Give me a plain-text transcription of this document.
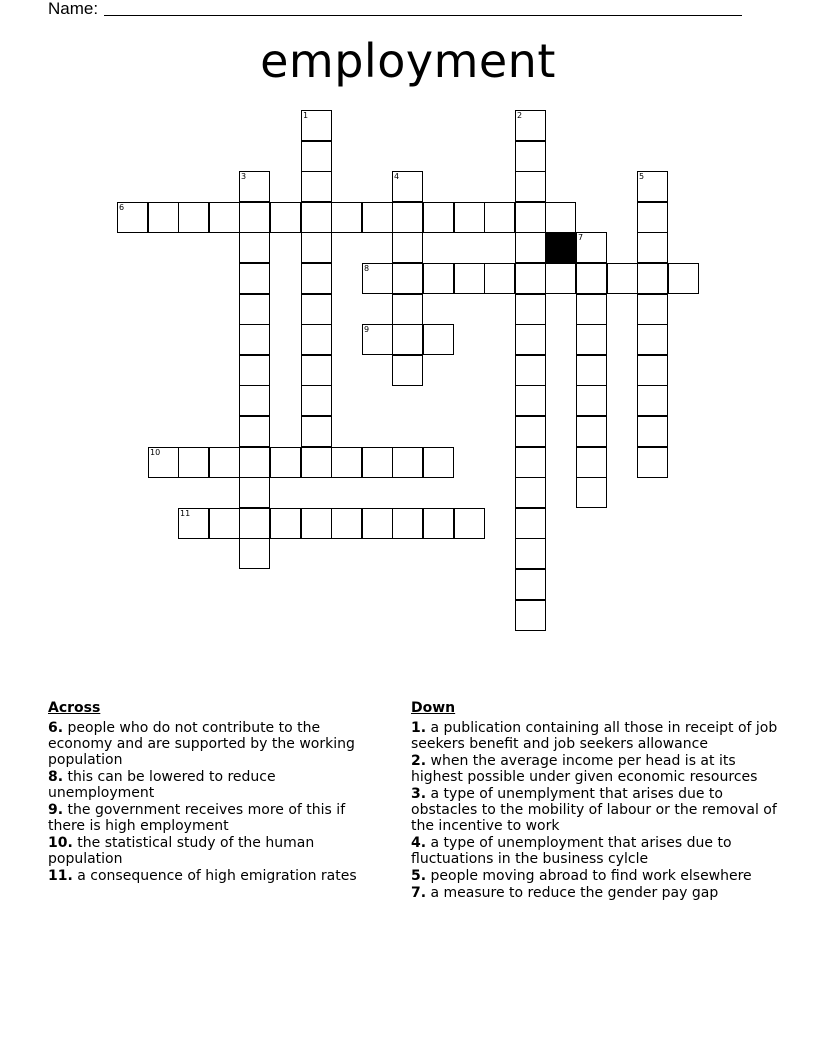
Name:
employment
1	2
3	4	5
6
7
8
9
10
11
Across
6. people who do not contribute to the economy and are supported by the working population
8. this can be lowered to reduce unemployment
9. the government receives more of this if there is high employment
10. the statistical study of the human population
11. a consequence of high emigration rates
Down
1. a publication containing all those in receipt of job seekers benefit and job seekers allowance
2. when the average income per head is at its highest possible under given economic resources
3. a type of unemplyment that arises due to obstacles to the mobility of labour or the removal of the incentive to work
4. a type of unemployment that arises due to fluctuations in the business cylcle
5. people moving abroad to find work elsewhere
7. a measure to reduce the gender pay gap
